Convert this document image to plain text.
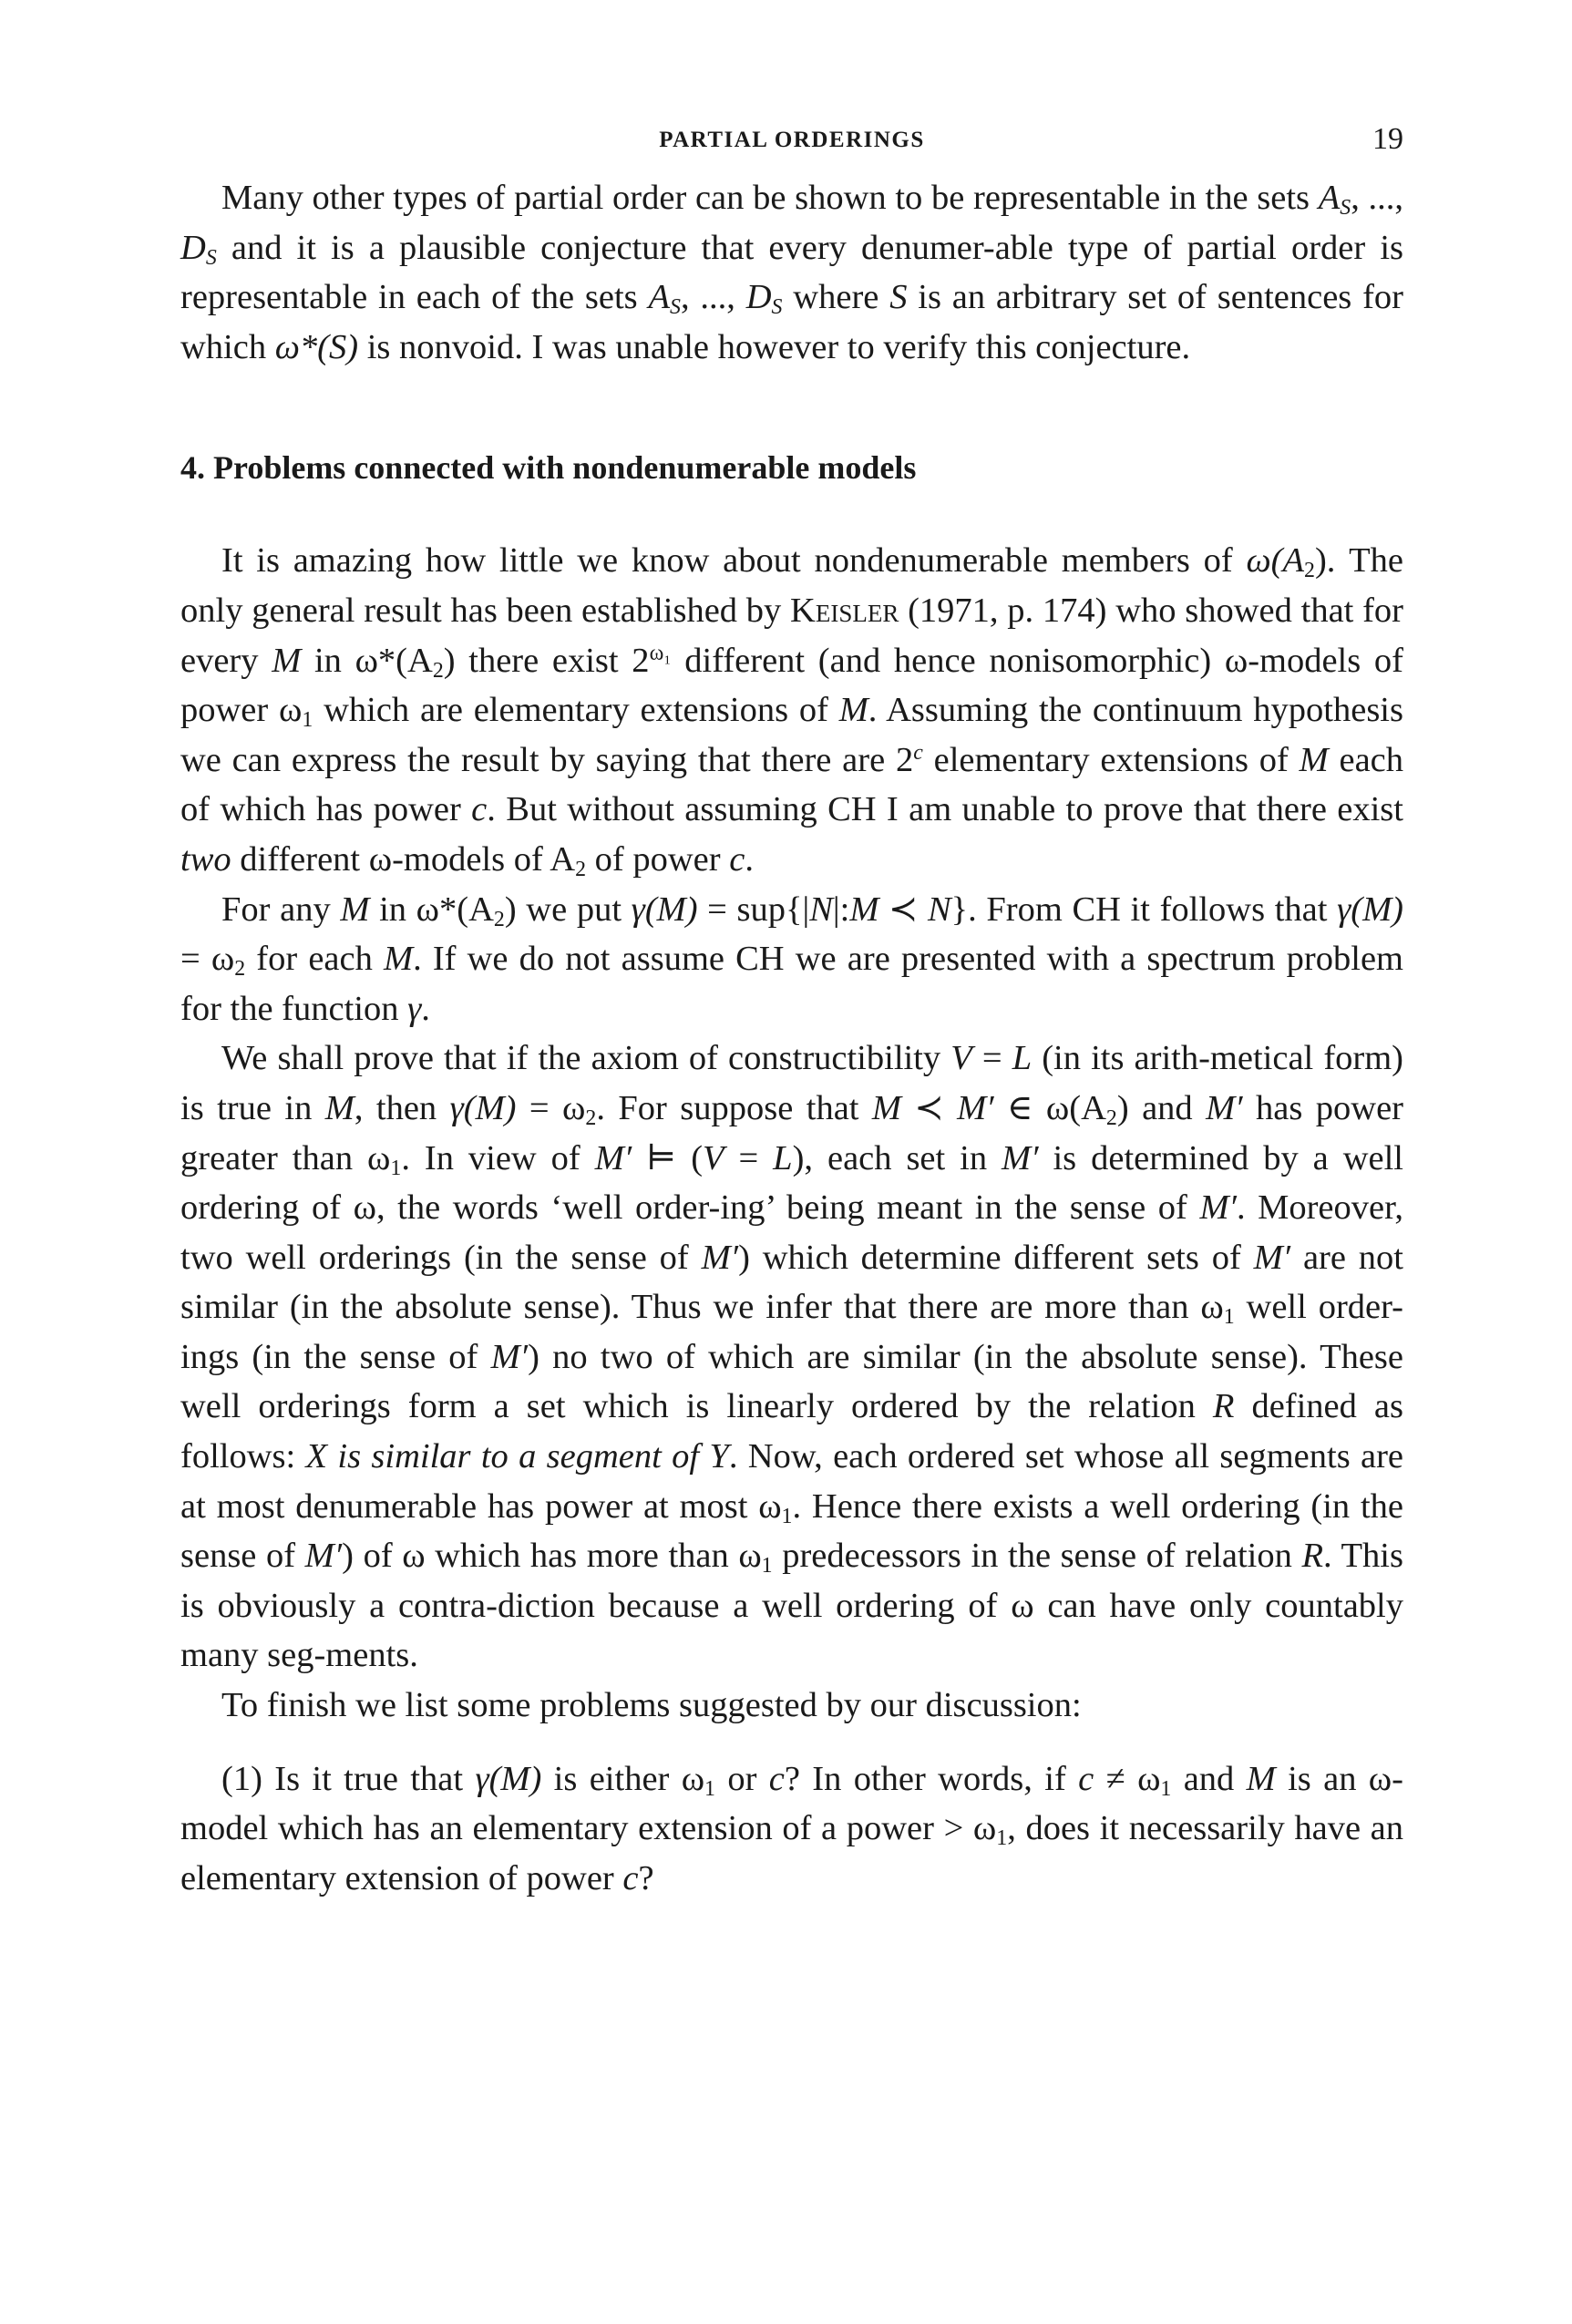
PARTIAL ORDERINGS	19

Many other types of partial order can be shown to be representable in the sets $A_S$, ..., $D_S$ and it is a plausible conjecture that every denumer-able type of partial order is representable in each of the sets $A_S$, ..., $D_S$ where S is an arbitrary set of sentences for which ω*(S) is nonvoid. I was unable however to verify this conjecture.

4. Problems connected with nondenumerable models

It is amazing how little we know about nondenumerable members of $\omega(A_2)$. The only general result has been established by Keisler (1971, p. 174) who showed that for every M in $\omega*(A_2)$ there exist $2^{\omega_1}$ different (and hence nonisomorphic) ω-models of power $\omega_1$ which are elementary extensions of M. Assuming the continuum hypothesis we can express the result by saying that there are 2$^c$ elementary extensions of M each of which has power c. But without assuming CH I am unable to prove that there exist two different ω-models of $A_2$ of power c.

For any M in $\omega*(A_2)$ we put γ(M) = sup{|N|:M ≺ N}. From CH it follows that $\gamma(M) = \omega_2$ for each M. If we do not assume CH we are presented with a spectrum problem for the function γ.

We shall prove that if the axiom of constructibility V = L (in its arith-metical form) is true in M, then $\gamma(M) = \omega_2$. For suppose that M ≺ M′ ∈ $\omega(A_2)$ and M′ has power greater than $\omega_1$. In view of M′ ⊨ (V = L), each set in M′ is determined by a well ordering of ω, the words ‘well order-ing’ being meant in the sense of M′. Moreover, two well orderings (in the sense of M′) which determine different sets of M′ are not similar (in the absolute sense). Thus we infer that there are more than $\omega_1$ well order-ings (in the sense of M′) no two of which are similar (in the absolute sense). These well orderings form a set which is linearly ordered by the relation R defined as follows: X is similar to a segment of Y. Now, each ordered set whose all segments are at most denumerable has power at most $\omega_1$. Hence there exists a well ordering (in the sense of M′) of ω which has more than $\omega_1$ predecessors in the sense of relation R. This is obviously a contra-diction because a well ordering of ω can have only countably many seg-ments.

To finish we list some problems suggested by our discussion:

(1) Is it true that γ(M) is either $\omega_1$ or c? In other words, if $c \ne \omega_1$ and M is an ω-model which has an elementary extension of a power > $\omega_1$, does it necessarily have an elementary extension of power c?
